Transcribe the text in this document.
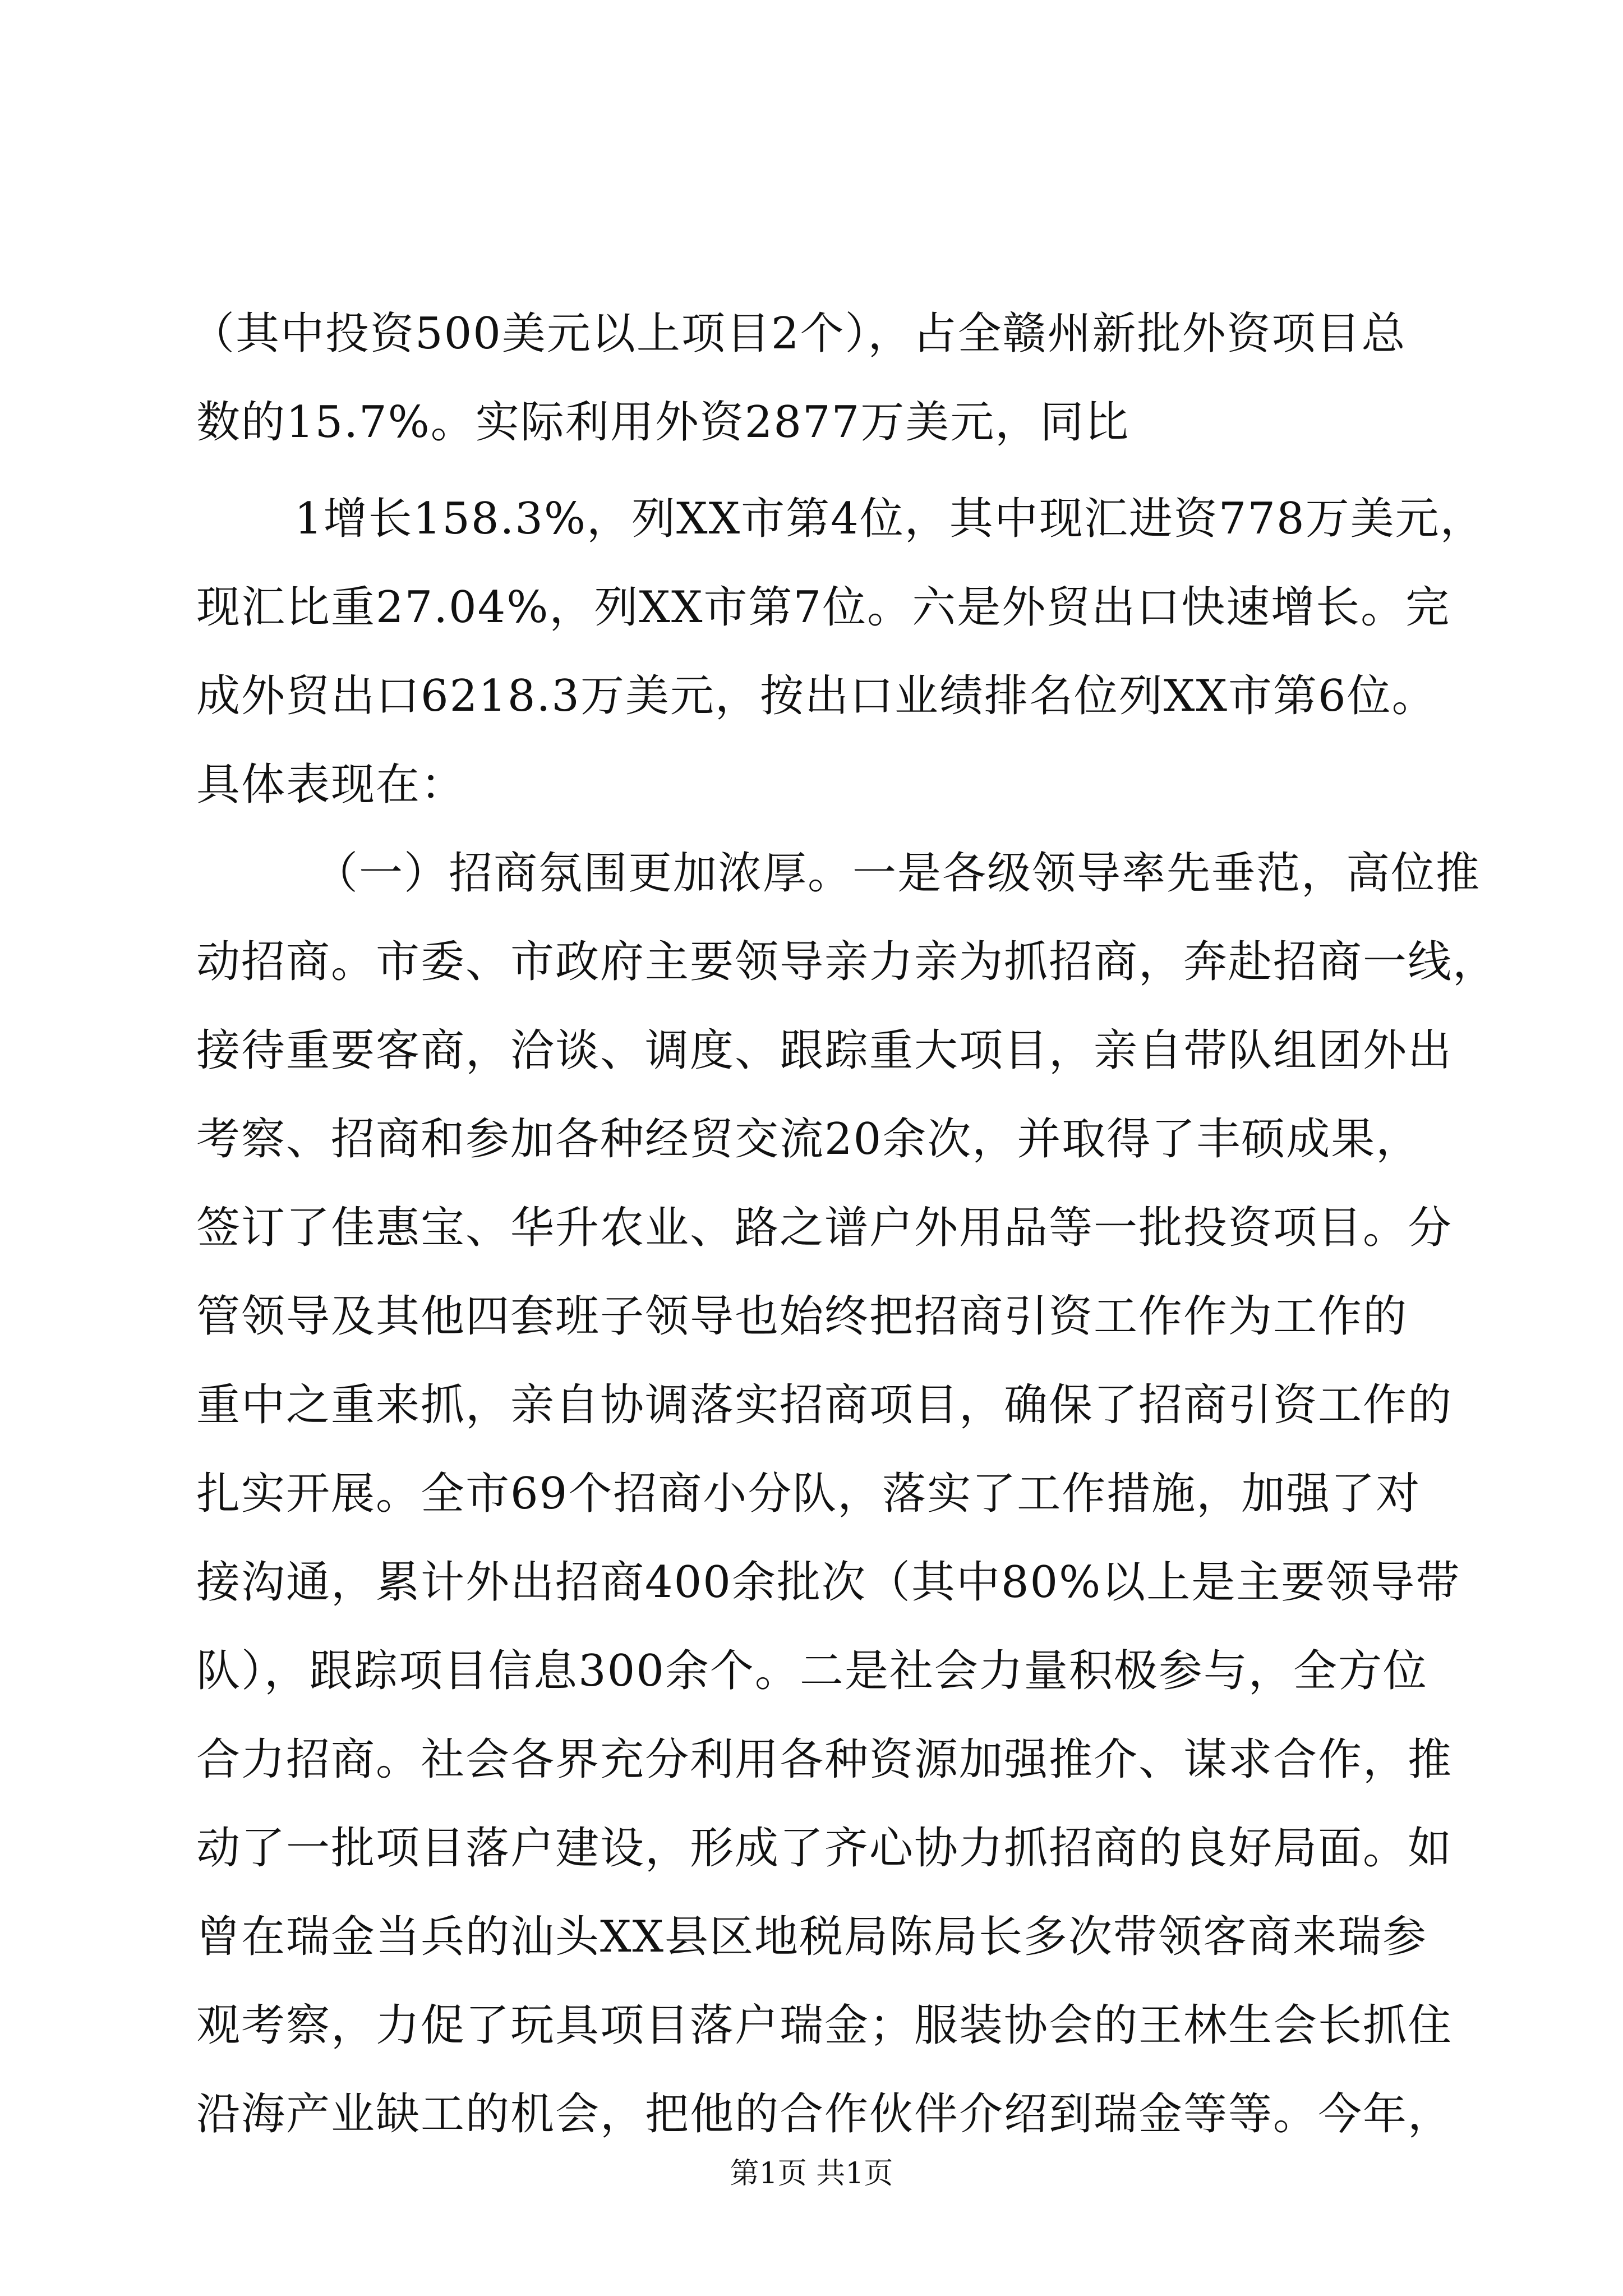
（其中投资500美元以上项目2个），占全赣州新批外资项目总
数的15.7%。实际利用外资2877万美元，同比
1增长158.3%，列XX市第4位，其中现汇进资778万美元，
现汇比重27.04%，列XX市第7位。六是外贸出口快速增长。完
成外贸出口6218.3万美元，按出口业绩排名位列XX市第6位。
具体表现在：
（一）招商氛围更加浓厚。一是各级领导率先垂范，高位推
动招商。市委、市政府主要领导亲力亲为抓招商，奔赴招商一线，
接待重要客商，洽谈、调度、跟踪重大项目，亲自带队组团外出
考察、招商和参加各种经贸交流20余次，并取得了丰硕成果，
签订了佳惠宝、华升农业、路之谱户外用品等一批投资项目。分
管领导及其他四套班子领导也始终把招商引资工作作为工作的
重中之重来抓，亲自协调落实招商项目，确保了招商引资工作的
扎实开展。全市69个招商小分队，落实了工作措施，加强了对
接沟通，累计外出招商400余批次（其中80%以上是主要领导带
队），跟踪项目信息300余个。二是社会力量积极参与，全方位
合力招商。社会各界充分利用各种资源加强推介、谋求合作，推
动了一批项目落户建设，形成了齐心协力抓招商的良好局面。如
曾在瑞金当兵的汕头XX县区地税局陈局长多次带领客商来瑞参
观考察，力促了玩具项目落户瑞金；服装协会的王林生会长抓住
沿海产业缺工的机会，把他的合作伙伴介绍到瑞金等等。今年，
第1页 共1页
